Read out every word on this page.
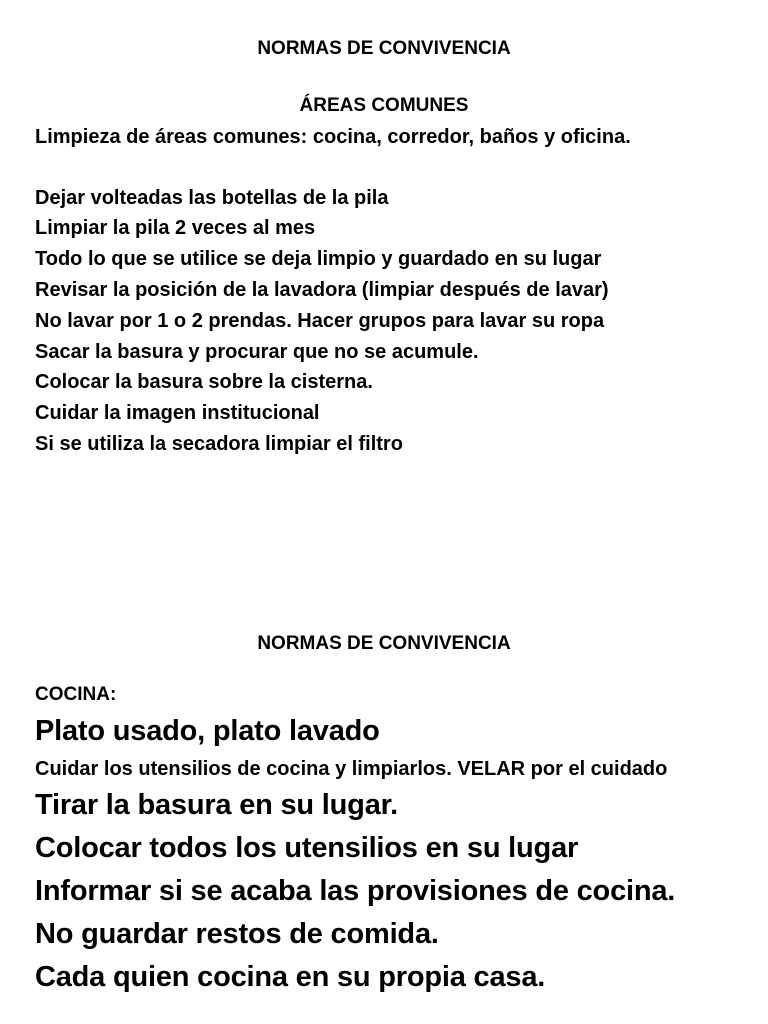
NORMAS DE CONVIVENCIA
ÁREAS COMUNES
Limpieza de áreas comunes: cocina, corredor, baños y oficina.
Dejar volteadas las botellas de la pila
Limpiar la pila 2 veces al mes
Todo lo que se utilice se deja limpio y guardado en su lugar
Revisar la posición de la lavadora (limpiar después de lavar)
No lavar por 1 o 2 prendas. Hacer grupos para lavar su ropa
Sacar la basura y procurar que no se acumule.
Colocar la basura sobre la cisterna.
Cuidar la imagen institucional
Si se utiliza la secadora limpiar el filtro
NORMAS DE CONVIVENCIA
COCINA:
Plato usado, plato lavado
Cuidar los utensilios de cocina y limpiarlos. VELAR por el cuidado
Tirar la basura en su lugar.
Colocar todos los utensilios en su lugar
Informar si se acaba las provisiones de cocina.
No guardar restos de comida.
Cada quien cocina en su propia casa.
